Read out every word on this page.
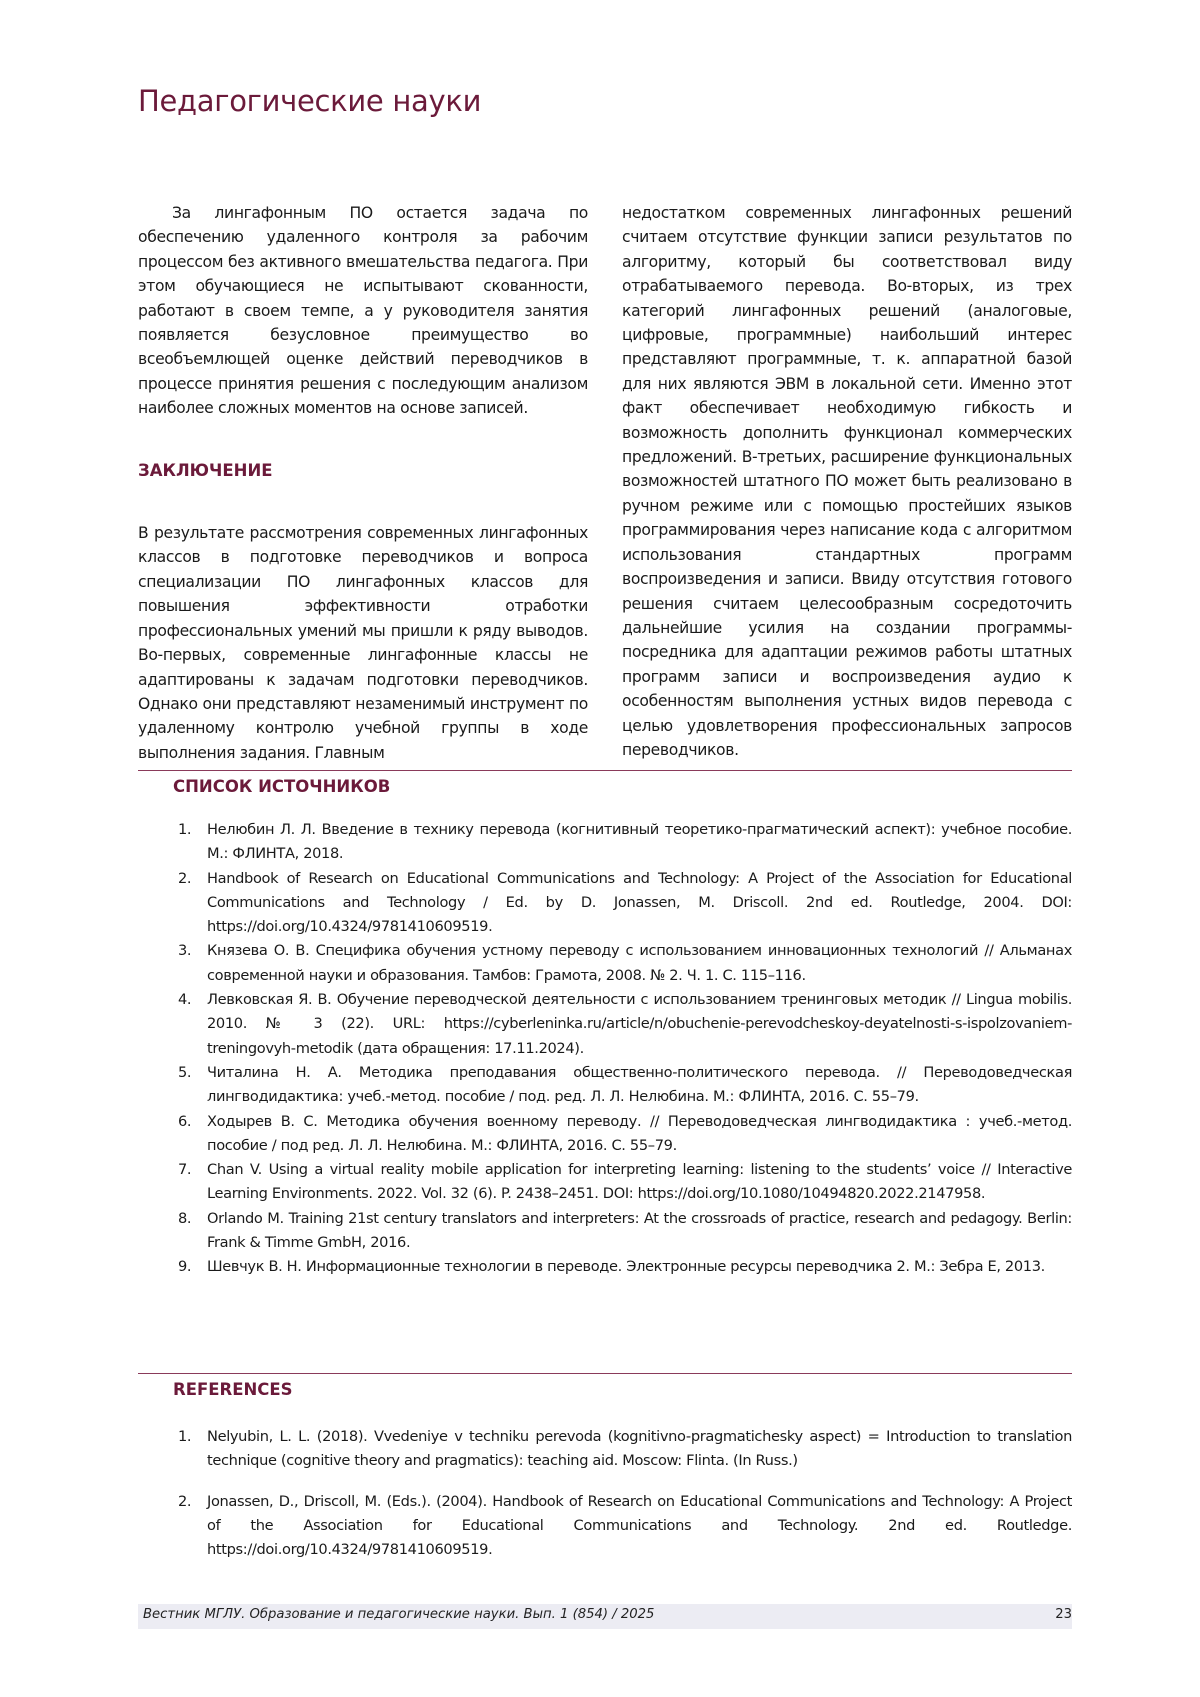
Педагогические науки

За лингафонным ПО остается задача по обеспечению удаленного контроля за рабочим процессом без активного вмешательства педагога. При этом обучающиеся не испытывают скованности, работают в своем темпе, а у руководителя занятия появляется безусловное преимущество во всеобъемлющей оценке действий переводчиков в процессе принятия решения с последующим анализом наиболее сложных моментов на основе записей.

ЗАКЛЮЧЕНИЕ

В результате рассмотрения современных лингафонных классов в подготовке переводчиков и вопроса специализации ПО лингафонных классов для повышения эффективности отработки профессиональных умений мы пришли к ряду выводов. Во-первых, современные лингафонные классы не адаптированы к задачам подготовки переводчиков. Однако они представляют незаменимый инструмент по удаленному контролю учебной группы в ходе выполнения задания. Главным

недостатком современных лингафонных решений считаем отсутствие функции записи результатов по алгоритму, который бы соответствовал виду отрабатываемого перевода. Во-вторых, из трех категорий лингафонных решений (аналоговые, цифровые, программные) наибольший интерес представляют программные, т. к. аппаратной базой для них являются ЭВМ в локальной сети. Именно этот факт обеспечивает необходимую гибкость и возможность дополнить функционал коммерческих предложений. В-третьих, расширение функциональных возможностей штатного ПО может быть реализовано в ручном режиме или с помощью простейших языков программирования через написание кода с алгоритмом использования стандартных программ воспроизведения и записи. Ввиду отсутствия готового решения считаем целесообразным сосредоточить дальнейшие усилия на создании программы-посредника для адаптации режимов работы штатных программ записи и воспроизведения аудио к особенностям выполнения устных видов перевода с целью удовлетворения профессиональных запросов переводчиков.

СПИСОК ИСТОЧНИКОВ
1. Нелюбин Л. Л. Введение в технику перевода (когнитивный теоретико-прагматический аспект): учебное пособие. М.: ФЛИНТА, 2018.
2. Handbook of Research on Educational Communications and Technology: A Project of the Association for Educational Communications and Technology / Ed. by D. Jonassen, M. Driscoll. 2nd ed. Routledge, 2004. DOI: https://doi.org/10.4324/9781410609519.
3. Князева О. В. Специфика обучения устному переводу с использованием инновационных технологий // Альманах современной науки и образования. Тамбов: Грамота, 2008. № 2. Ч. 1. С. 115–116.
4. Левковская Я. В. Обучение переводческой деятельности с использованием тренинговых методик // Lingua mobilis. 2010. № 3 (22). URL: https://cyberleninka.ru/article/n/obuchenie-perevodcheskoy-deyatelnosti-s-ispolzovaniem-treningovyh-metodik (дата обращения: 17.11.2024).
5. Читалина Н. А. Методика преподавания общественно-политического перевода. // Переводоведческая лингводидактика: учеб.-метод. пособие / под. ред. Л. Л. Нелюбина. М.: ФЛИНТА, 2016. С. 55–79.
6. Ходырев В. С. Методика обучения военному переводу. // Переводоведческая лингводидактика : учеб.-метод. пособие / под ред. Л. Л. Нелюбина. М.: ФЛИНТА, 2016. С. 55–79.
7. Chan V. Using a virtual reality mobile application for interpreting learning: listening to the students’ voice // Interactive Learning Environments. 2022. Vol. 32 (6). P. 2438–2451. DOI: https://doi.org/10.1080/10494820.2022.2147958.
8. Orlando M. Training 21st century translators and interpreters: At the crossroads of practice, research and pedagogy. Berlin: Frank & Timme GmbH, 2016.
9. Шевчук В. Н. Информационные технологии в переводе. Электронные ресурсы переводчика 2. М.: Зебра Е, 2013.
REFERENCES
1. Nelyubin, L. L. (2018). Vvedeniye v techniku perevoda (kognitivno-pragmatichesky aspect) = Introduction to translation technique (cognitive theory and pragmatics): teaching aid. Moscow: Flinta. (In Russ.)
2. Jonassen, D., Driscoll, M. (Eds.). (2004). Handbook of Research on Educational Communications and Technology: A Project of the Association for Educational Communications and Technology. 2nd ed. Routledge. https://doi.org/10.4324/9781410609519.
Вестник МГЛУ. Образование и педагогические науки. Вып. 1 (854) / 2025	23
